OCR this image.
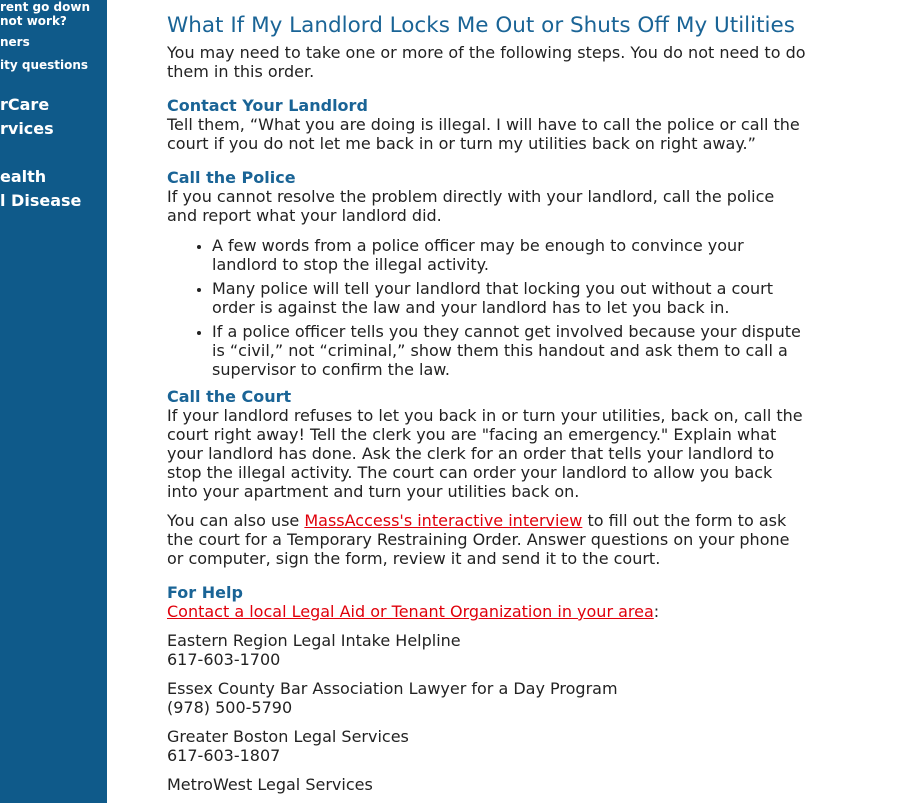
rent go down
not work?
ners
ity questions
rCare
rvices
ealth
l Disease
What If My Landlord Locks Me Out or Shuts Off My Utilities

You may need to take one or more of the following steps. You do not need to do them in this order.

Contact Your Landlord

Tell them, “What you are doing is illegal. I will have to call the police or call the court if you do not let me back in or turn my utilities back on right away.”

Call the Police

If you cannot resolve the problem directly with your landlord, call the police and report what your landlord did.

• A few words from a police officer may be enough to convince your landlord to stop the illegal activity.
• Many police will tell your landlord that locking you out without a court order is against the law and your landlord has to let you back in.
• If a police officer tells you they cannot get involved because your dispute is “civil,” not “criminal,” show them this handout and ask them to call a supervisor to confirm the law.
Call the Court

If your landlord refuses to let you back in or turn your utilities, back on, call the court right away! Tell the clerk you are "facing an emergency." Explain what your landlord has done. Ask the clerk for an order that tells your landlord to stop the illegal activity. The court can order your landlord to allow you back into your apartment and turn your utilities back on.

You can also use MassAccess's interactive interview to fill out the form to ask the court for a Temporary Restraining Order. Answer questions on your phone or computer, sign the form, review it and send it to the court.

For Help

Contact a local Legal Aid or Tenant Organization in your area:

Eastern Region Legal Intake Helpline
617-603-1700
Essex County Bar Association Lawyer for a Day Program
(978) 500-5790
Greater Boston Legal Services
617-603-1807
MetroWest Legal Services
